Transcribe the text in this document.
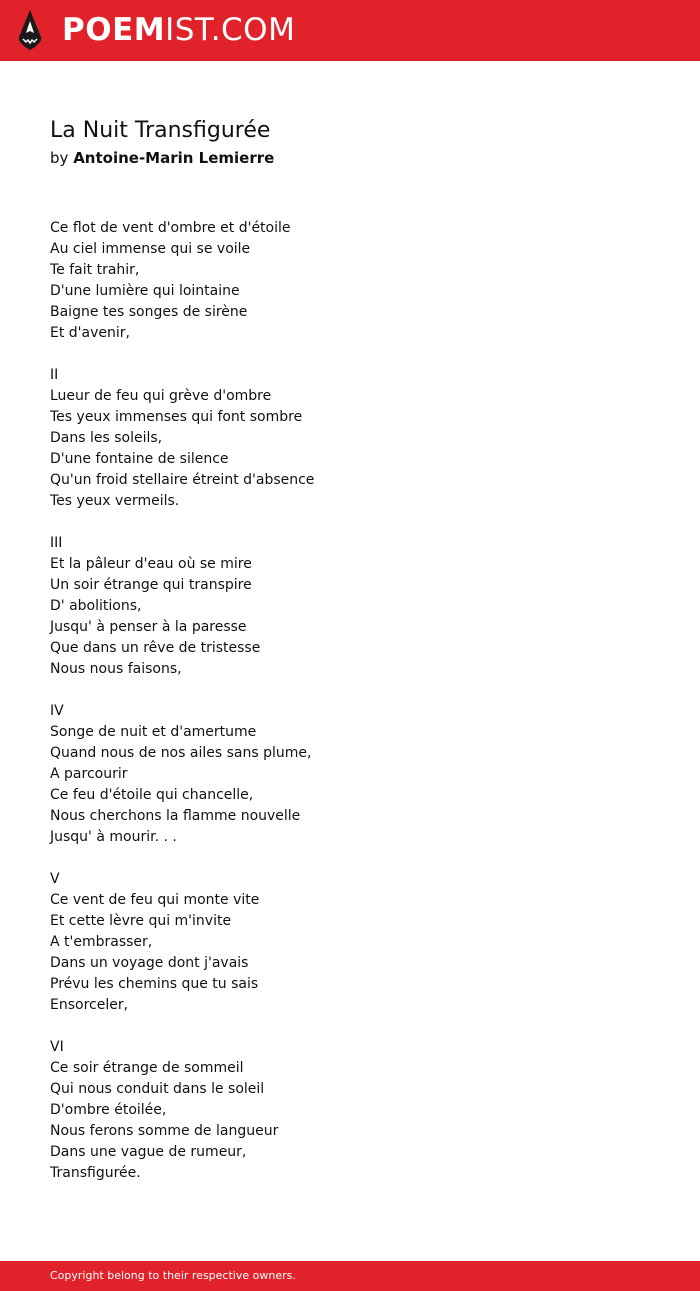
POEMIST.COM
La Nuit Transfigurée
by Antoine-Marin Lemierre
Ce flot de vent d'ombre et d'étoile
Au ciel immense qui se voile
Te fait trahir,
D'une lumière qui lointaine
Baigne tes songes de sirène
Et d'avenir,
II
Lueur de feu qui grève d'ombre
Tes yeux immenses qui font sombre
Dans les soleils,
D'une fontaine de silence
Qu'un froid stellaire étreint d'absence
Tes yeux vermeils.
III
Et la pâleur d'eau où se mire
Un soir étrange qui transpire
D' abolitions,
Jusqu' à penser à la paresse
Que dans un rêve de tristesse
Nous nous faisons,
IV
Songe de nuit et d'amertume
Quand nous de nos ailes sans plume,
A parcourir
Ce feu d'étoile qui chancelle,
Nous cherchons la flamme nouvelle
Jusqu' à mourir. . .
V
Ce vent de feu qui monte vite
Et cette lèvre qui m'invite
A t'embrasser,
Dans un voyage dont j'avais
Prévu les chemins que tu sais
Ensorceler,
VI
Ce soir étrange de sommeil
Qui nous conduit dans le soleil
D'ombre étoilée,
Nous ferons somme de langueur
Dans une vague de rumeur,
Transfigurée.
Copyright belong to their respective owners.
